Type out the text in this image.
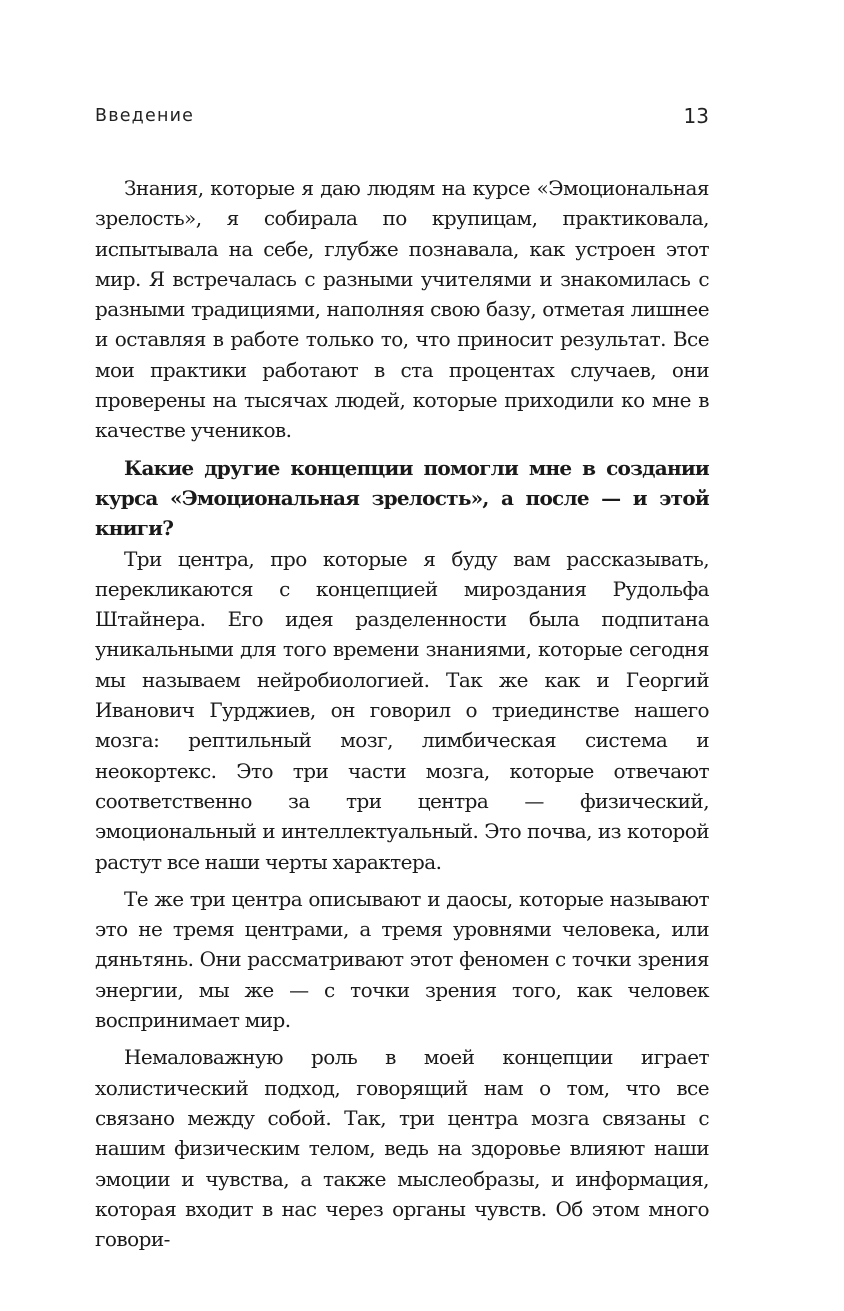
Введение	13

Знания, которые я даю людям на курсе «Эмоциональная зрелость», я собирала по крупицам, практиковала, испытывала на себе, глубже познавала, как устроен этот мир. Я встречалась с разными учителями и знакомилась с разными традициями, наполняя свою базу, отметая лишнее и оставляя в работе только то, что приносит результат. Все мои практики работают в ста процентах случаев, они проверены на тысячах людей, которые приходили ко мне в качестве учеников.

Какие другие концепции помогли мне в создании курса «Эмоциональная зрелость», а после — и этой книги?

Три центра, про которые я буду вам рассказывать, перекликаются с концепцией мироздания Рудольфа Штайнера. Его идея разделенности была подпитана уникальными для того времени знаниями, которые сегодня мы называем нейробиологией. Так же как и Георгий Иванович Гурджиев, он говорил о триединстве нашего мозга: рептильный мозг, лимбическая система и неокортекс. Это три части мозга, которые отвечают соответственно за три центра — физический, эмоциональный и интеллектуальный. Это почва, из которой растут все наши черты характера.

Те же три центра описывают и даосы, которые называют это не тремя центрами, а тремя уровнями человека, или дяньтянь. Они рассматривают этот феномен с точки зрения энергии, мы же — с точки зрения того, как человек воспринимает мир.

Немаловажную роль в моей концепции играет холистический подход, говорящий нам о том, что все связано между собой. Так, три центра мозга связаны с нашим физическим телом, ведь на здоровье влияют наши эмоции и чувства, а также мыслеобразы, и информация, которая входит в нас через органы чувств. Об этом много говори-
